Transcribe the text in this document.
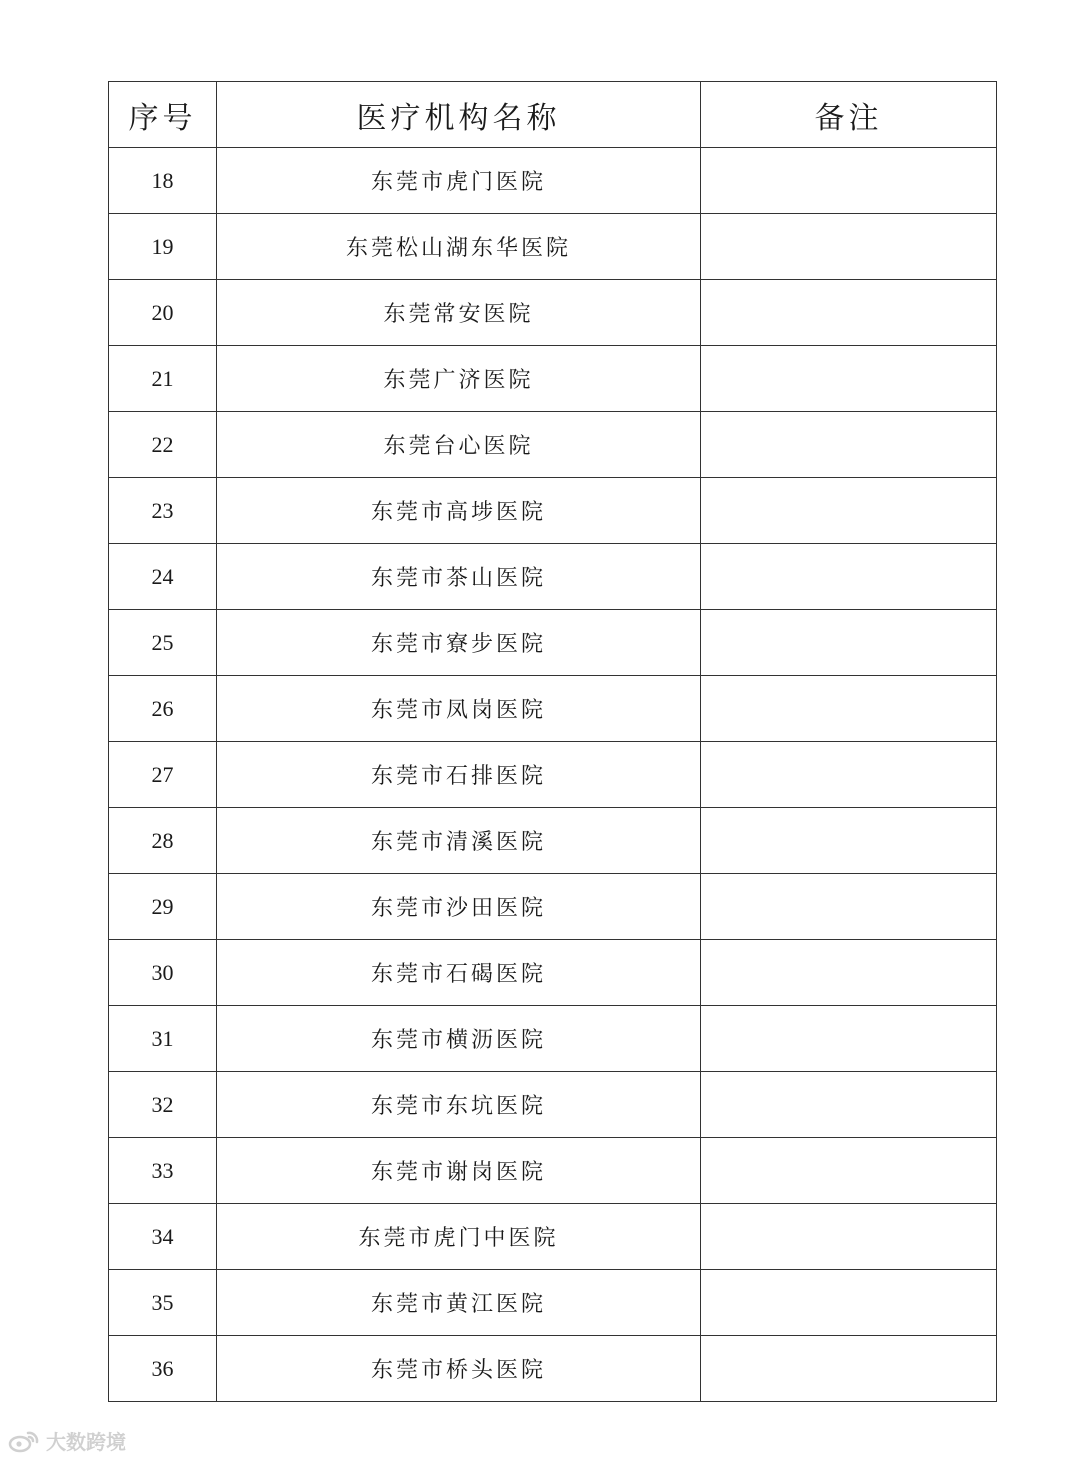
序号	医疗机构名称	备注
18	东莞市虎门医院	
19	东莞松山湖东华医院	
20	东莞常安医院	
21	东莞广济医院	
22	东莞台心医院	
23	东莞市高埗医院	
24	东莞市茶山医院	
25	东莞市寮步医院	
26	东莞市凤岗医院	
27	东莞市石排医院	
28	东莞市清溪医院	
29	东莞市沙田医院	
30	东莞市石碣医院	
31	东莞市横沥医院	
32	东莞市东坑医院	
33	东莞市谢岗医院	
34	东莞市虎门中医院	
35	东莞市黄江医院	
36	东莞市桥头医院	
大数跨境
